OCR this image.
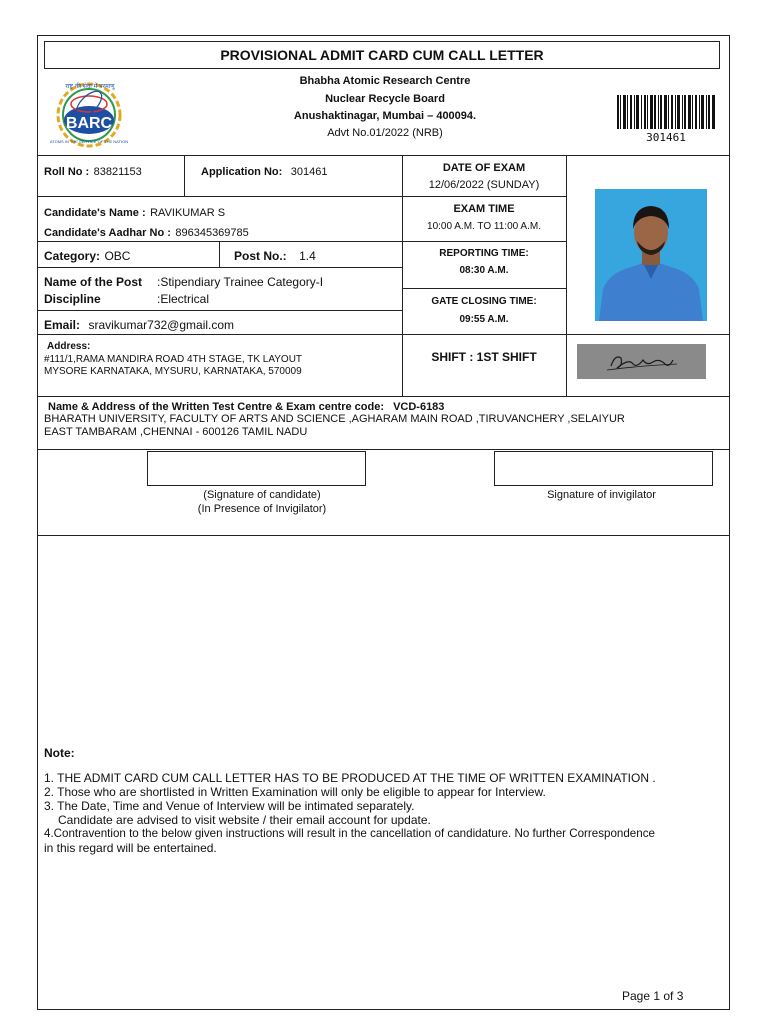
PROVISIONAL ADMIT CARD CUM CALL LETTER
राष्ट्र की सेवा में परमाणु
BARC
ATOMS IN THE SERVICE OF THE NATION
Bhabha Atomic Research Centre
Nuclear Recycle Board
Anushaktinagar, Mumbai – 400094.
Advt No.01/2022 (NRB)	301461
Roll No : 83821153	Application No: 301461
Candidate's Name : RAVIKUMAR S
Candidate's Aadhar No : 896345369785
Category: OBC	Post No.: 1.4
Name of the Post :Stipendiary Trainee Category-I
Discipline	:Electrical
Email: sravikumar732@gmail.com
Address:
#111/1,RAMA MANDIRA ROAD 4TH STAGE, TK LAYOUT
MYSORE KARNATAKA, MYSURU, KARNATAKA, 570009
DATE OF EXAM
12/06/2022 (SUNDAY)
EXAM TIME
10:00 A.M. TO 11:00 A.M.
REPORTING TIME:
08:30 A.M.
GATE CLOSING TIME:
09:55 A.M.
SHIFT : 1ST SHIFT
Name & Address of the Written Test Centre & Exam centre code: VCD-6183
BHARATH UNIVERSITY, FACULTY OF ARTS AND SCIENCE ,AGHARAM MAIN ROAD ,TIRUVANCHERY ,SELAIYUR
EAST TAMBARAM ,CHENNAI - 600126 TAMIL NADU
(Signature of candidate)
(In Presence of Invigilator)
Signature of invigilator
Note:
1. THE ADMIT CARD CUM CALL LETTER HAS TO BE PRODUCED AT THE TIME OF WRITTEN EXAMINATION .
2. Those who are shortlisted in Written Examination will only be eligible to appear for Interview.
3. The Date, Time and Venue of Interview will be intimated separately.
Candidate are advised to visit website / their email account for update.
4.Contravention to the below given instructions will result in the cancellation of candidature. No further Correspondence
in this regard will be entertained.
Page 1 of 3
